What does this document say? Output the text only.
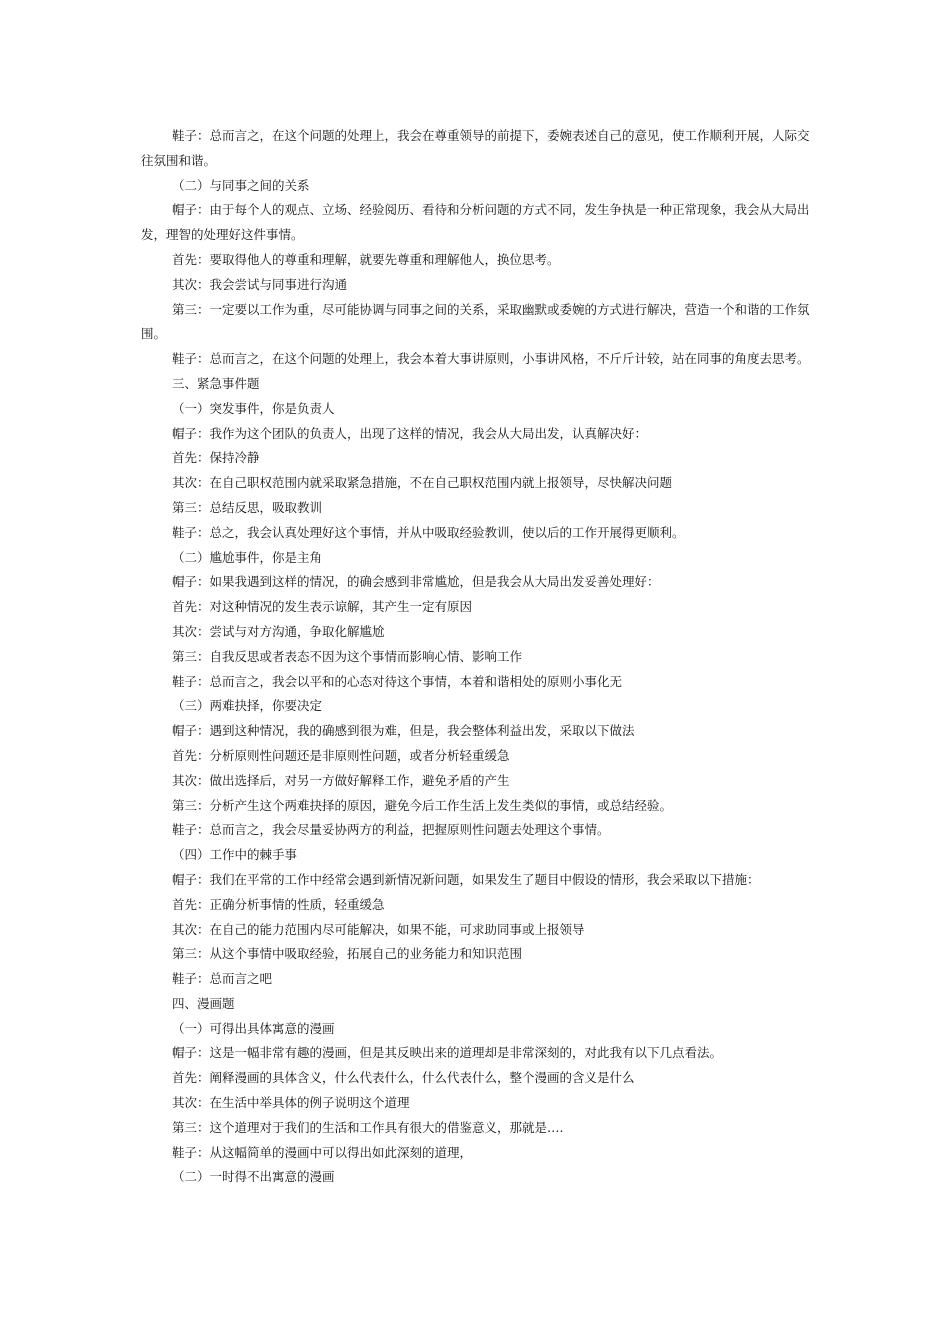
鞋子：总而言之，在这个问题的处理上，我会在尊重领导的前提下，委婉表述自己的意见，使工作顺利开展，人际交往氛围和谐。

（二）与同事之间的关系

帽子：由于每个人的观点、立场、经验阅历、看待和分析问题的方式不同，发生争执是一种正常现象，我会从大局出发，理智的处理好这件事情。

首先：要取得他人的尊重和理解，就要先尊重和理解他人，换位思考。

其次：我会尝试与同事进行沟通

第三：一定要以工作为重，尽可能协调与同事之间的关系，采取幽默或委婉的方式进行解决，营造一个和谐的工作氛围。

鞋子：总而言之，在这个问题的处理上，我会本着大事讲原则，小事讲风格，不斤斤计较，站在同事的角度去思考。

三、紧急事件题

（一）突发事件，你是负责人

帽子：我作为这个团队的负责人，出现了这样的情况，我会从大局出发，认真解决好：

首先：保持冷静

其次：在自己职权范围内就采取紧急措施，不在自己职权范围内就上报领导，尽快解决问题

第三：总结反思，吸取教训

鞋子：总之，我会认真处理好这个事情，并从中吸取经验教训，使以后的工作开展得更顺利。

（二）尴尬事件，你是主角

帽子：如果我遇到这样的情况，的确会感到非常尴尬，但是我会从大局出发妥善处理好：

首先：对这种情况的发生表示谅解，其产生一定有原因

其次：尝试与对方沟通，争取化解尴尬

第三：自我反思或者表态不因为这个事情而影响心情、影响工作

鞋子：总而言之，我会以平和的心态对待这个事情，本着和谐相处的原则小事化无

（三）两难抉择，你要决定

帽子：遇到这种情况，我的确感到很为难，但是，我会整体利益出发，采取以下做法

首先：分析原则性问题还是非原则性问题，或者分析轻重缓急

其次：做出选择后，对另一方做好解释工作，避免矛盾的产生

第三：分析产生这个两难抉择的原因，避免今后工作生活上发生类似的事情，或总结经验。

鞋子：总而言之，我会尽量妥协两方的利益，把握原则性问题去处理这个事情。

（四）工作中的棘手事

帽子：我们在平常的工作中经常会遇到新情况新问题，如果发生了题目中假设的情形，我会采取以下措施：

首先：正确分析事情的性质，轻重缓急

其次：在自己的能力范围内尽可能解决，如果不能，可求助同事或上报领导

第三：从这个事情中吸取经验，拓展自己的业务能力和知识范围

鞋子：总而言之吧

四、漫画题

（一）可得出具体寓意的漫画

帽子：这是一幅非常有趣的漫画，但是其反映出来的道理却是非常深刻的，对此我有以下几点看法。

首先：阐释漫画的具体含义，什么代表什么，什么代表什么，整个漫画的含义是什么

其次：在生活中举具体的例子说明这个道理

第三：这个道理对于我们的生活和工作具有很大的借鉴意义，那就是….

鞋子：从这幅简单的漫画中可以得出如此深刻的道理，

（二）一时得不出寓意的漫画
